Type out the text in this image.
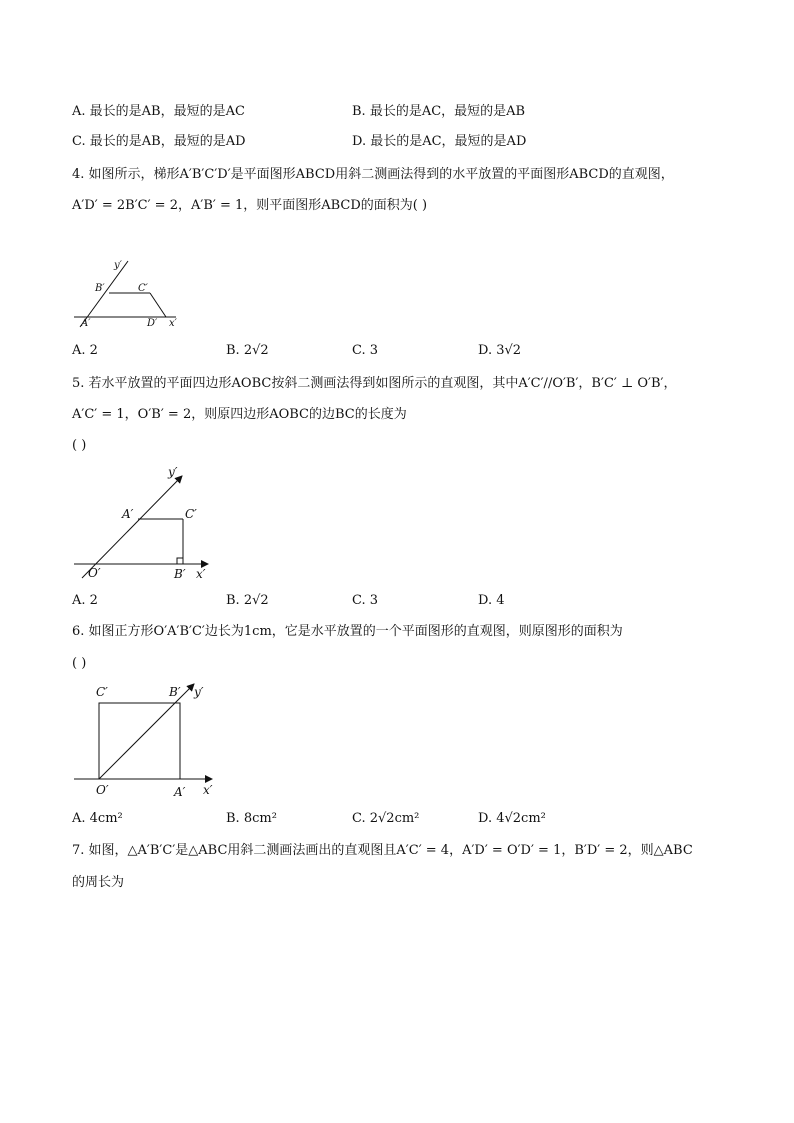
A. 最长的是AB，最短的是AC	B. 最长的是AC，最短的是AB
C. 最长的是AB，最短的是AD	D. 最长的是AC，最短的是AD
4. 如图所示，梯形A′B′C′D′是平面图形ABCD用斜二测画法得到的水平放置的平面图形ABCD的直观图，
A′D′ = 2B′C′ = 2，A′B′ = 1，则平面图形ABCD的面积为( )
y′
B′	C′
A′	D′ x′
A. 2	B. 2√2	C. 3	D. 3√2
5. 若水平放置的平面四边形AOBC按斜二测画法得到如图所示的直观图，其中A′C′//O′B′，B′C′ ⊥ O′B′，
A′C′ = 1，O′B′ = 2，则原四边形AOBC的边BC的长度为
( )
y′
A′	C′
O′	B′ x′
A. 2	B. 2√2	C. 3	D. 4
6. 如图正方形O′A′B′C′边长为1cm，它是水平放置的一个平面图形的直观图，则原图形的面积为
( )
C′	B′ y′
O′	A′ x′
A. 4cm²	B. 8cm²	C. 2√2cm²	D. 4√2cm²
7. 如图，△A′B′C′是△ABC用斜二测画法画出的直观图且A′C′ = 4，A′D′ = O′D′ = 1，B′D′ = 2，则△ABC
的周长为
